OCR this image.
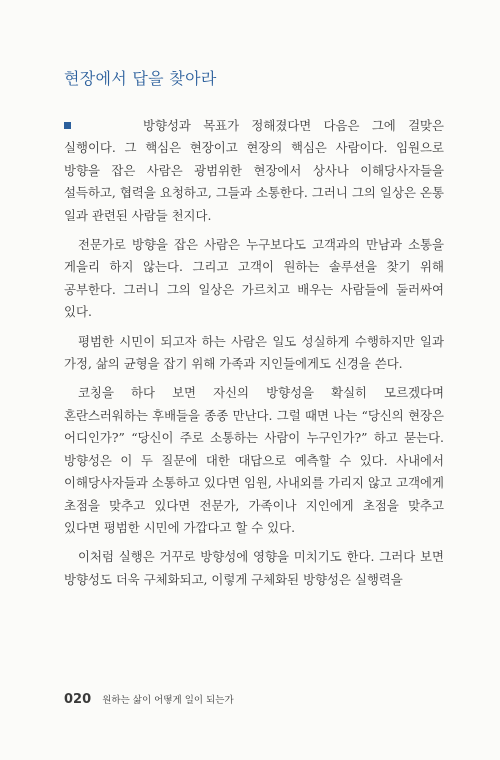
현장에서 답을 찾아라

방향성과 목표가 정해졌다면 다음은 그에 걸맞은 실행이다. 그 핵심은 현장이고 현장의 핵심은 사람이다. 임원으로 방향을 잡은 사람은 광범위한 현장에서 상사나 이해당사자들을 설득하고, 협력을 요청하고, 그들과 소통한다. 그러니 그의 일상은 온통 일과 관련된 사람들 천지다.

전문가로 방향을 잡은 사람은 누구보다도 고객과의 만남과 소통을 게을리 하지 않는다. 그리고 고객이 원하는 솔루션을 찾기 위해 공부한다. 그러니 그의 일상은 가르치고 배우는 사람들에 둘러싸여 있다.

평범한 시민이 되고자 하는 사람은 일도 성실하게 수행하지만 일과 가정, 삶의 균형을 잡기 위해 가족과 지인들에게도 신경을 쓴다.

코칭을 하다 보면 자신의 방향성을 확실히 모르겠다며 혼란스러워하는 후배들을 종종 만난다. 그럴 때면 나는 “당신의 현장은 어디인가?” “당신이 주로 소통하는 사람이 누구인가?” 하고 묻는다. 방향성은 이 두 질문에 대한 대답으로 예측할 수 있다. 사내에서 이해당사자들과 소통하고 있다면 임원, 사내외를 가리지 않고 고객에게 초점을 맞추고 있다면 전문가, 가족이나 지인에게 초점을 맞추고 있다면 평범한 시민에 가깝다고 할 수 있다.

이처럼 실행은 거꾸로 방향성에 영향을 미치기도 한다. 그러다 보면 방향성도 더욱 구체화되고, 이렇게 구체화된 방향성은 실행력을

020 원하는 삶이 어떻게 일이 되는가
